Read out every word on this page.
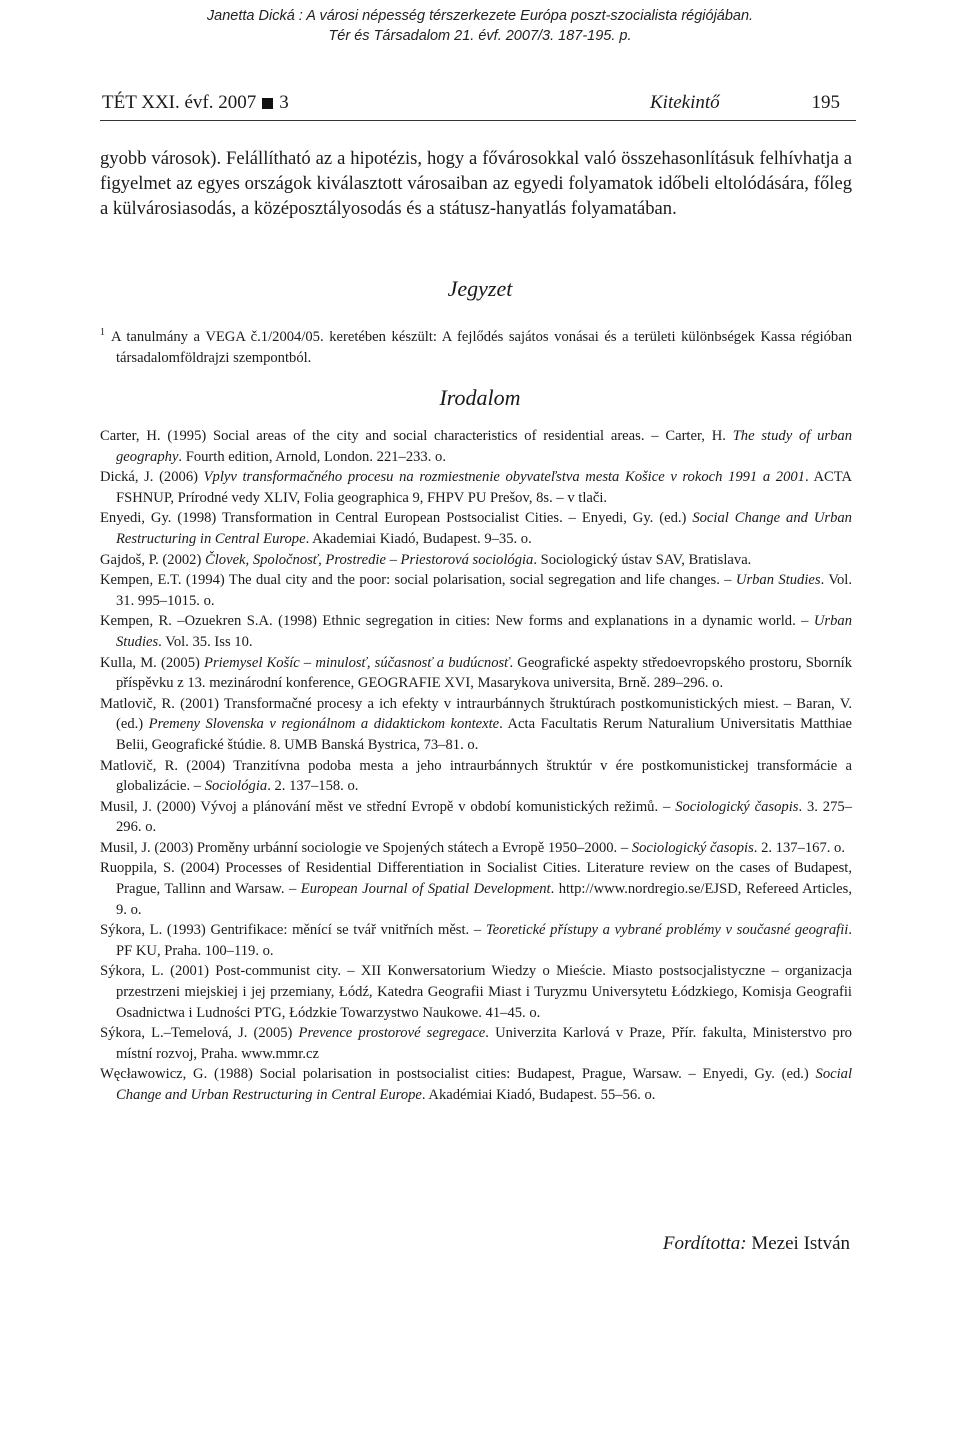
Janetta Dická : A városi népesség térszerkezete Európa poszt-szocialista régiójában.
Tér és Társadalom 21. évf. 2007/3. 187-195. p.
TÉT XXI. évf. 2007 3	Kitekintő	195

gyobb városok). Felállítható az a hipotézis, hogy a fővárosokkal való összehasonlításuk felhívhatja a figyelmet az egyes országok kiválasztott városaiban az egyedi folyamatok időbeli eltolódására, főleg a külvárosiasodás, a középosztályosodás és a státusz-hanyatlás folyamatában.

Jegyzet
$^1$ A tanulmány a VEGA č.1/2004/05. keretében készült: A fejlődés sajátos vonásai és a területi különbségek Kassa régióban társadalomföldrajzi szempontból.
Irodalom

Carter, H. (1995) Social areas of the city and social characteristics of residential areas. – Carter, H. The study of urban geography. Fourth edition, Arnold, London. 221–233. o.

Dická, J. (2006) Vplyv transformačného procesu na rozmiestnenie obyvateľstva mesta Košice v rokoch 1991 a 2001. ACTA FSHNUP, Prírodné vedy XLIV, Folia geographica 9, FHPV PU Prešov, 8s. – v tlači.

Enyedi, Gy. (1998) Transformation in Central European Postsocialist Cities. – Enyedi, Gy. (ed.) Social Change and Urban Restructuring in Central Europe. Akademiai Kiadó, Budapest. 9–35. o.

Gajdoš, P. (2002) Človek, Spoločnosť, Prostredie – Priestorová sociológia. Sociologický ústav SAV, Bratislava.

Kempen, E.T. (1994) The dual city and the poor: social polarisation, social segregation and life changes. – Urban Studies. Vol. 31. 995–1015. o.

Kempen, R. –Ozuekren S.A. (1998) Ethnic segregation in cities: New forms and explanations in a dynamic world. – Urban Studies. Vol. 35. Iss 10.

Kulla, M. (2005) Priemysel Košíc – minulosť, súčasnosť a budúcnosť. Geografické aspekty středoevropského prostoru, Sborník příspěvku z 13. mezinárodní konference, GEOGRAFIE XVI, Masarykova universita, Brně. 289–296. o.

Matlovič, R. (2001) Transformačné procesy a ich efekty v intraurbánnych štruktúrach postkomunistických miest. – Baran, V. (ed.) Premeny Slovenska v regionálnom a didaktickom kontexte. Acta Facultatis Rerum Naturalium Universitatis Matthiae Belii, Geografické štúdie. 8. UMB Banská Bystrica, 73–81. o.

Matlovič, R. (2004) Tranzitívna podoba mesta a jeho intraurbánnych štruktúr v ére postkomunistickej transformácie a globalizácie. – Sociológia. 2. 137–158. o.

Musil, J. (2000) Vývoj a plánování měst ve střední Evropě v období komunistických režimů. – Sociologický časopis. 3. 275–296. o.

Musil, J. (2003) Proměny urbánní sociologie ve Spojených státech a Evropě 1950–2000. – Sociologický časopis. 2. 137–167. o.

Ruoppila, S. (2004) Processes of Residential Differentiation in Socialist Cities. Literature review on the cases of Budapest, Prague, Tallinn and Warsaw. – European Journal of Spatial Development. http://www.nordregio.se/EJSD, Refereed Articles, 9. o.

Sýkora, L. (1993) Gentrifikace: měnící se tvář vnitřních měst. – Teoretické přístupy a vybrané problémy v současné geografii. PF KU, Praha. 100–119. o.

Sýkora, L. (2001) Post-communist city. – XII Konwersatorium Wiedzy o Mieście. Miasto postsocjalistyczne – organizacja przestrzeni miejskiej i jej przemiany, Łódź, Katedra Geografii Miast i Turyzmu Universytetu Łódzkiego, Komisja Geografii Osadnictwa i Ludności PTG, Łódzkie Towarzystwo Naukowe. 41–45. o.

Sýkora, L.–Temelová, J. (2005) Prevence prostorové segregace. Univerzita Karlová v Praze, Přír. fakulta, Ministerstvo pro místní rozvoj, Praha. www.mmr.cz

Węcławowicz, G. (1988) Social polarisation in postsocialist cities: Budapest, Prague, Warsaw. – Enyedi, Gy. (ed.) Social Change and Urban Restructuring in Central Europe. Akadémiai Kiadó, Budapest. 55–56. o.

Fordította: Mezei István
